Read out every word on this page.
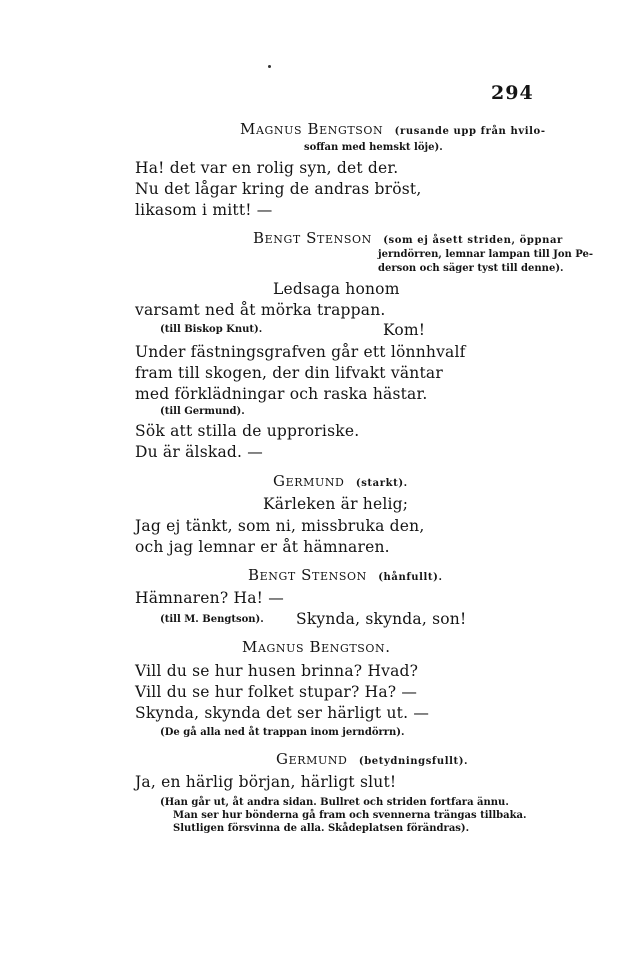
294
Magnus Bengtson (rusande upp från hvilo-
soffan med hemskt löje).
Ha! det var en rolig syn, det der.
Nu det lågar kring de andras bröst,
likasom i mitt! —
Bengt Stenson (som ej åsett striden, öppnar
jerndörren, lemnar lampan till Jon Pe-
derson och säger tyst till denne).
Ledsaga honom
varsamt ned åt mörka trappan.
(till Biskop Knut).	Kom!
Under fästningsgrafven går ett lönnhvalf
fram till skogen, der din lifvakt väntar
med förklädningar och raska hästar.
(till Germund).
Sök att stilla de upproriske.
Du är älskad. —
Germund (starkt).
Kärleken är helig;
Jag ej tänkt, som ni, missbruka den,
och jag lemnar er åt hämnaren.
Bengt Stenson (hånfullt).
Hämnaren? Ha! —
(till M. Bengtson). Skynda, skynda, son!
Magnus Bengtson.
Vill du se hur husen brinna? Hvad?
Vill du se hur folket stupar? Ha? —
Skynda, skynda det ser härligt ut. —
(De gå alla ned åt trappan inom jerndörrn).
Germund (betydningsfullt).
Ja, en härlig början, härligt slut!
(Han går ut, åt andra sidan. Bullret och striden fortfara ännu.
Man ser hur bönderna gå fram och svennerna trängas tillbaka.
Slutligen försvinna de alla. Skådeplatsen förändras).
